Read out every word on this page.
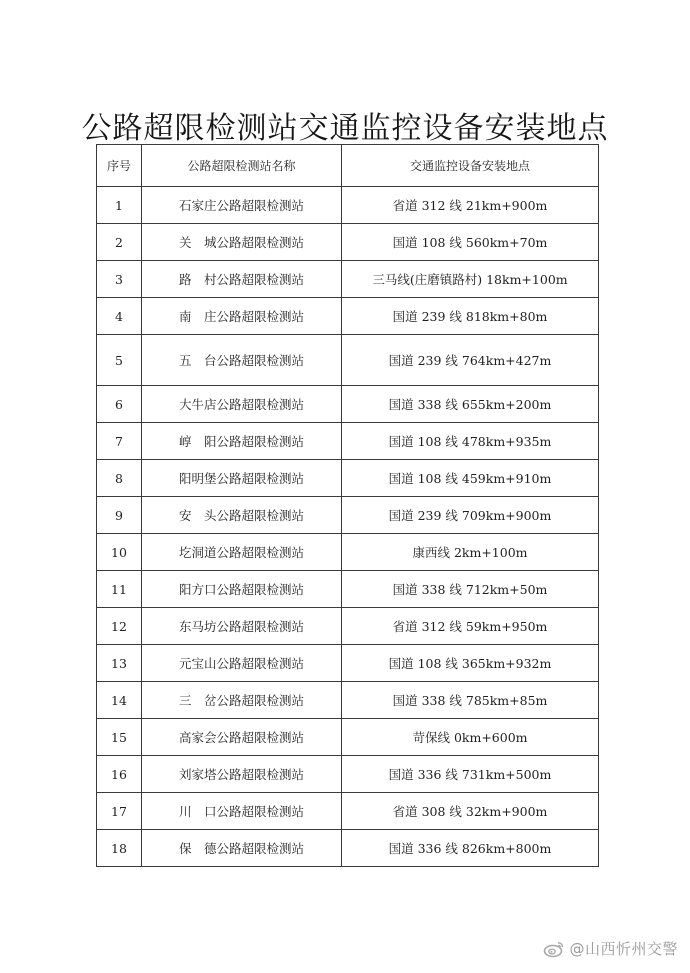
公路超限检测站交通监控设备安装地点
序号	公路超限检测站名称	交通监控设备安装地点
1	石家庄公路超限检测站	省道 312 线 21km+900m
2	关　城公路超限检测站	国道 108 线 560km+70m
3	路　村公路超限检测站	三马线(庄磨镇路村) 18km+100m
4	南　庄公路超限检测站	国道 239 线 818km+80m
5	五　台公路超限检测站	国道 239 线 764km+427m
6	大牛店公路超限检测站	国道 338 线 655km+200m
7	崞　阳公路超限检测站	国道 108 线 478km+935m
8	阳明堡公路超限检测站	国道 108 线 459km+910m
9	安　头公路超限检测站	国道 239 线 709km+900m
10	圪洞道公路超限检测站	康西线 2km+100m
11	阳方口公路超限检测站	国道 338 线 712km+50m
12	东马坊公路超限检测站	省道 312 线 59km+950m
13	元宝山公路超限检测站	国道 108 线 365km+932m
14	三　岔公路超限检测站	国道 338 线 785km+85m
15	高家会公路超限检测站	苛保线 0km+600m
16	刘家塔公路超限检测站	国道 336 线 731km+500m
17	川　口公路超限检测站	省道 308 线 32km+900m
18	保　德公路超限检测站	国道 336 线 826km+800m
@山西忻州交警
